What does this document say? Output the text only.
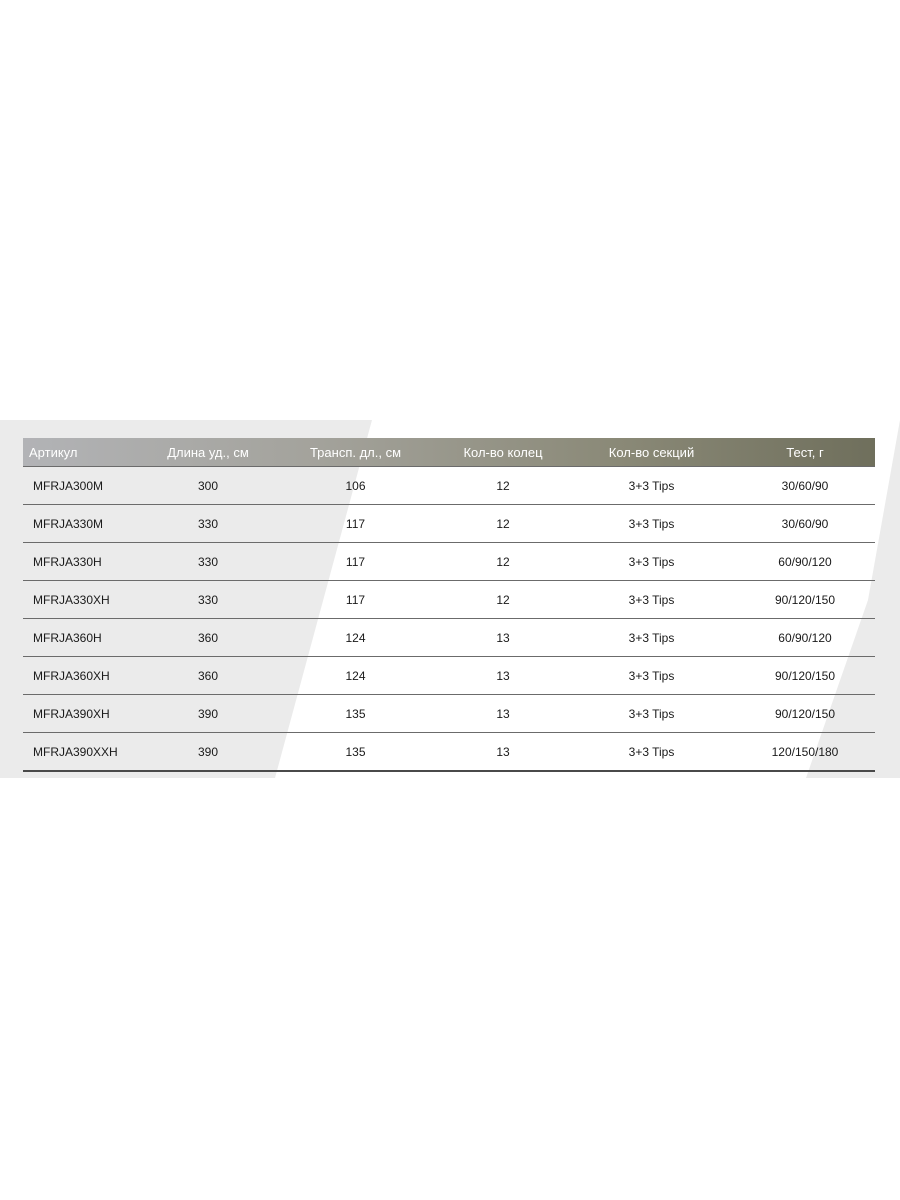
Артикул	Длина уд., см	Трансп. дл., см	Кол-во колец	Кол-во секций	Тест, г
MFRJA300M	300	106	12	3+3 Tips	30/60/90
MFRJA330M	330	117	12	3+3 Tips	30/60/90
MFRJA330H	330	117	12	3+3 Tips	60/90/120
MFRJA330XH	330	117	12	3+3 Tips	90/120/150
MFRJA360H	360	124	13	3+3 Tips	60/90/120
MFRJA360XH	360	124	13	3+3 Tips	90/120/150
MFRJA390XH	390	135	13	3+3 Tips	90/120/150
MFRJA390XXH	390	135	13	3+3 Tips	120/150/180
